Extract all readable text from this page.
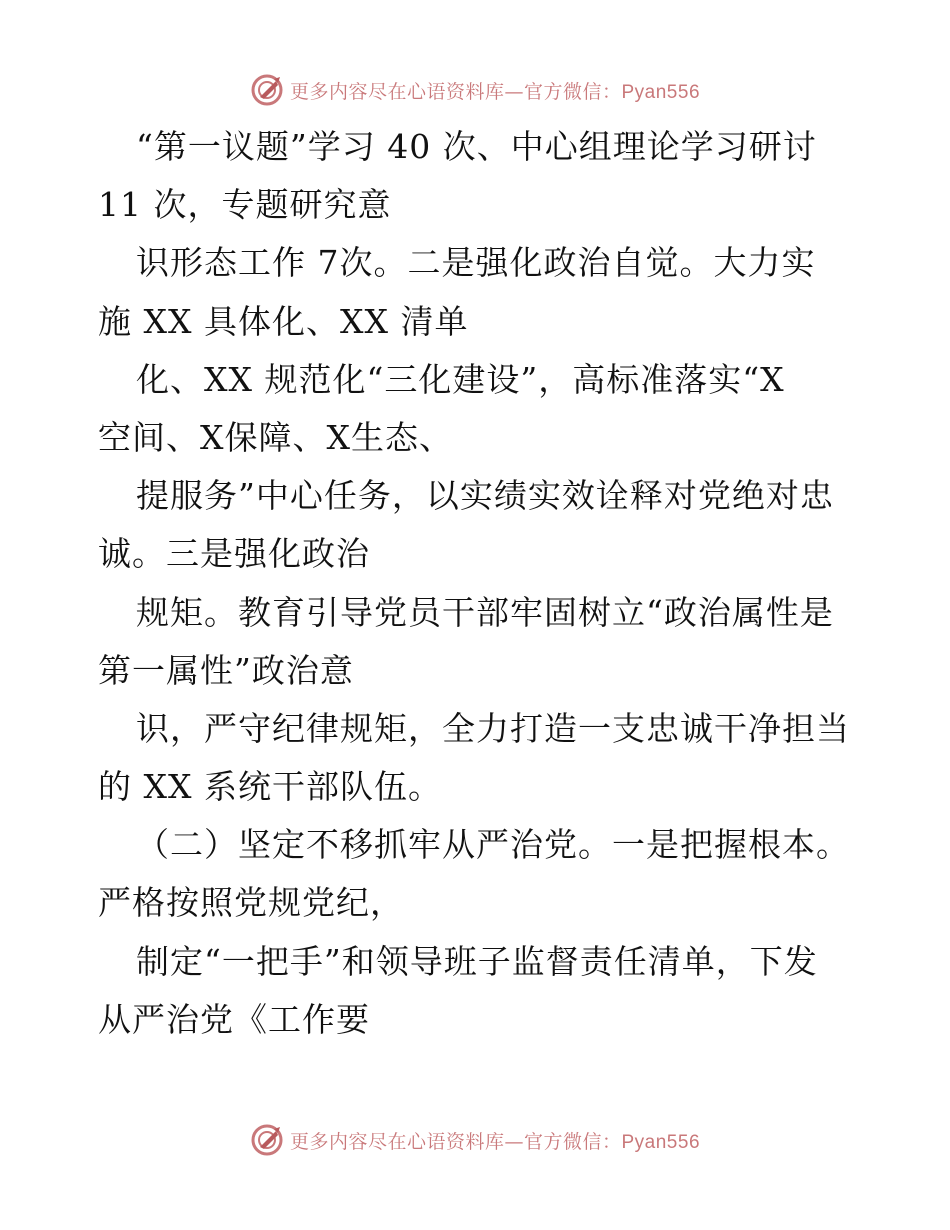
更多内容尽在心语资料库—官方微信：Pyan556
“第一议题”学习 40 次、中心组理论学习研讨
11 次，专题研究意
识形态工作 7次。二是强化政治自觉。大力实
施 XX 具体化、XX 清单
化、XX 规范化“三化建设”，高标准落实“X
空间、X保障、X生态、
提服务”中心任务，以实绩实效诠释对党绝对忠
诚。三是强化政治
规矩。教育引导党员干部牢固树立“政治属性是
第一属性”政治意
识，严守纪律规矩，全力打造一支忠诚干净担当
的 XX 系统干部队伍。
（二）坚定不移抓牢从严治党。一是把握根本。
严格按照党规党纪，
制定“一把手”和领导班子监督责任清单，下发
从严治党《工作要
更多内容尽在心语资料库—官方微信：Pyan556
